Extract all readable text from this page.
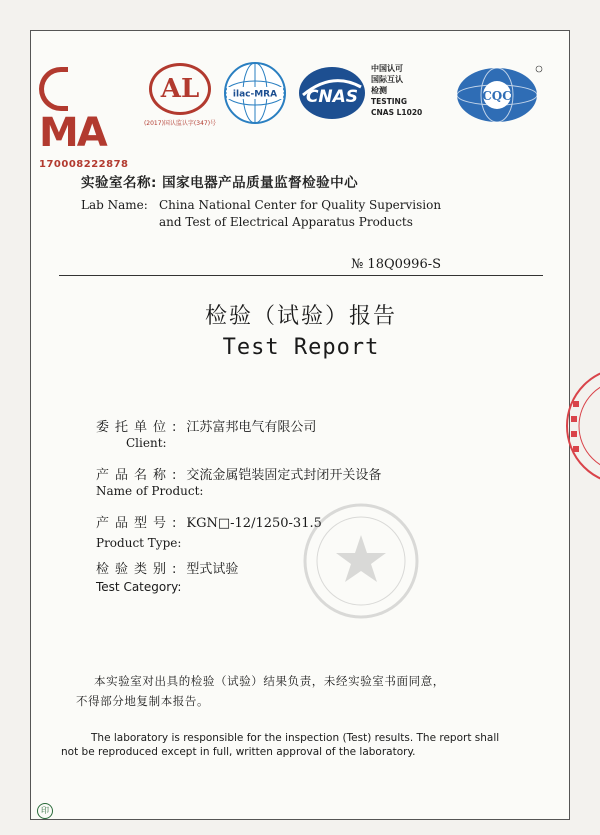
MA
170008222878
AL
(2017)国认监认字(347)号
ilac-MRA CNAS
中国认可
国际互认
检测
TESTING
CNAS L1020
CQC
实验室名称: 国家电器产品质量监督检验中心
Lab Name: China National Center for Quality Supervision
and Test of Electrical Apparatus Products
№ 18Q0996-S
检验（试验）报告
Test Report
委托单位: 江苏富邦电气有限公司
Client:
产品名称: 交流金属铠装固定式封闭开关设备
Name of Product:
产品型号: KGN□-12/1250-31.5
Product Type:
检验类别: 型式试验
Test Category:
本实验室对出具的检验（试验）结果负责，未经实验室书面同意，
不得部分地复制本报告。
The laboratory is responsible for the inspection (Test) results. The report shall
not be reproduced except in full, written approval of the laboratory.
印
